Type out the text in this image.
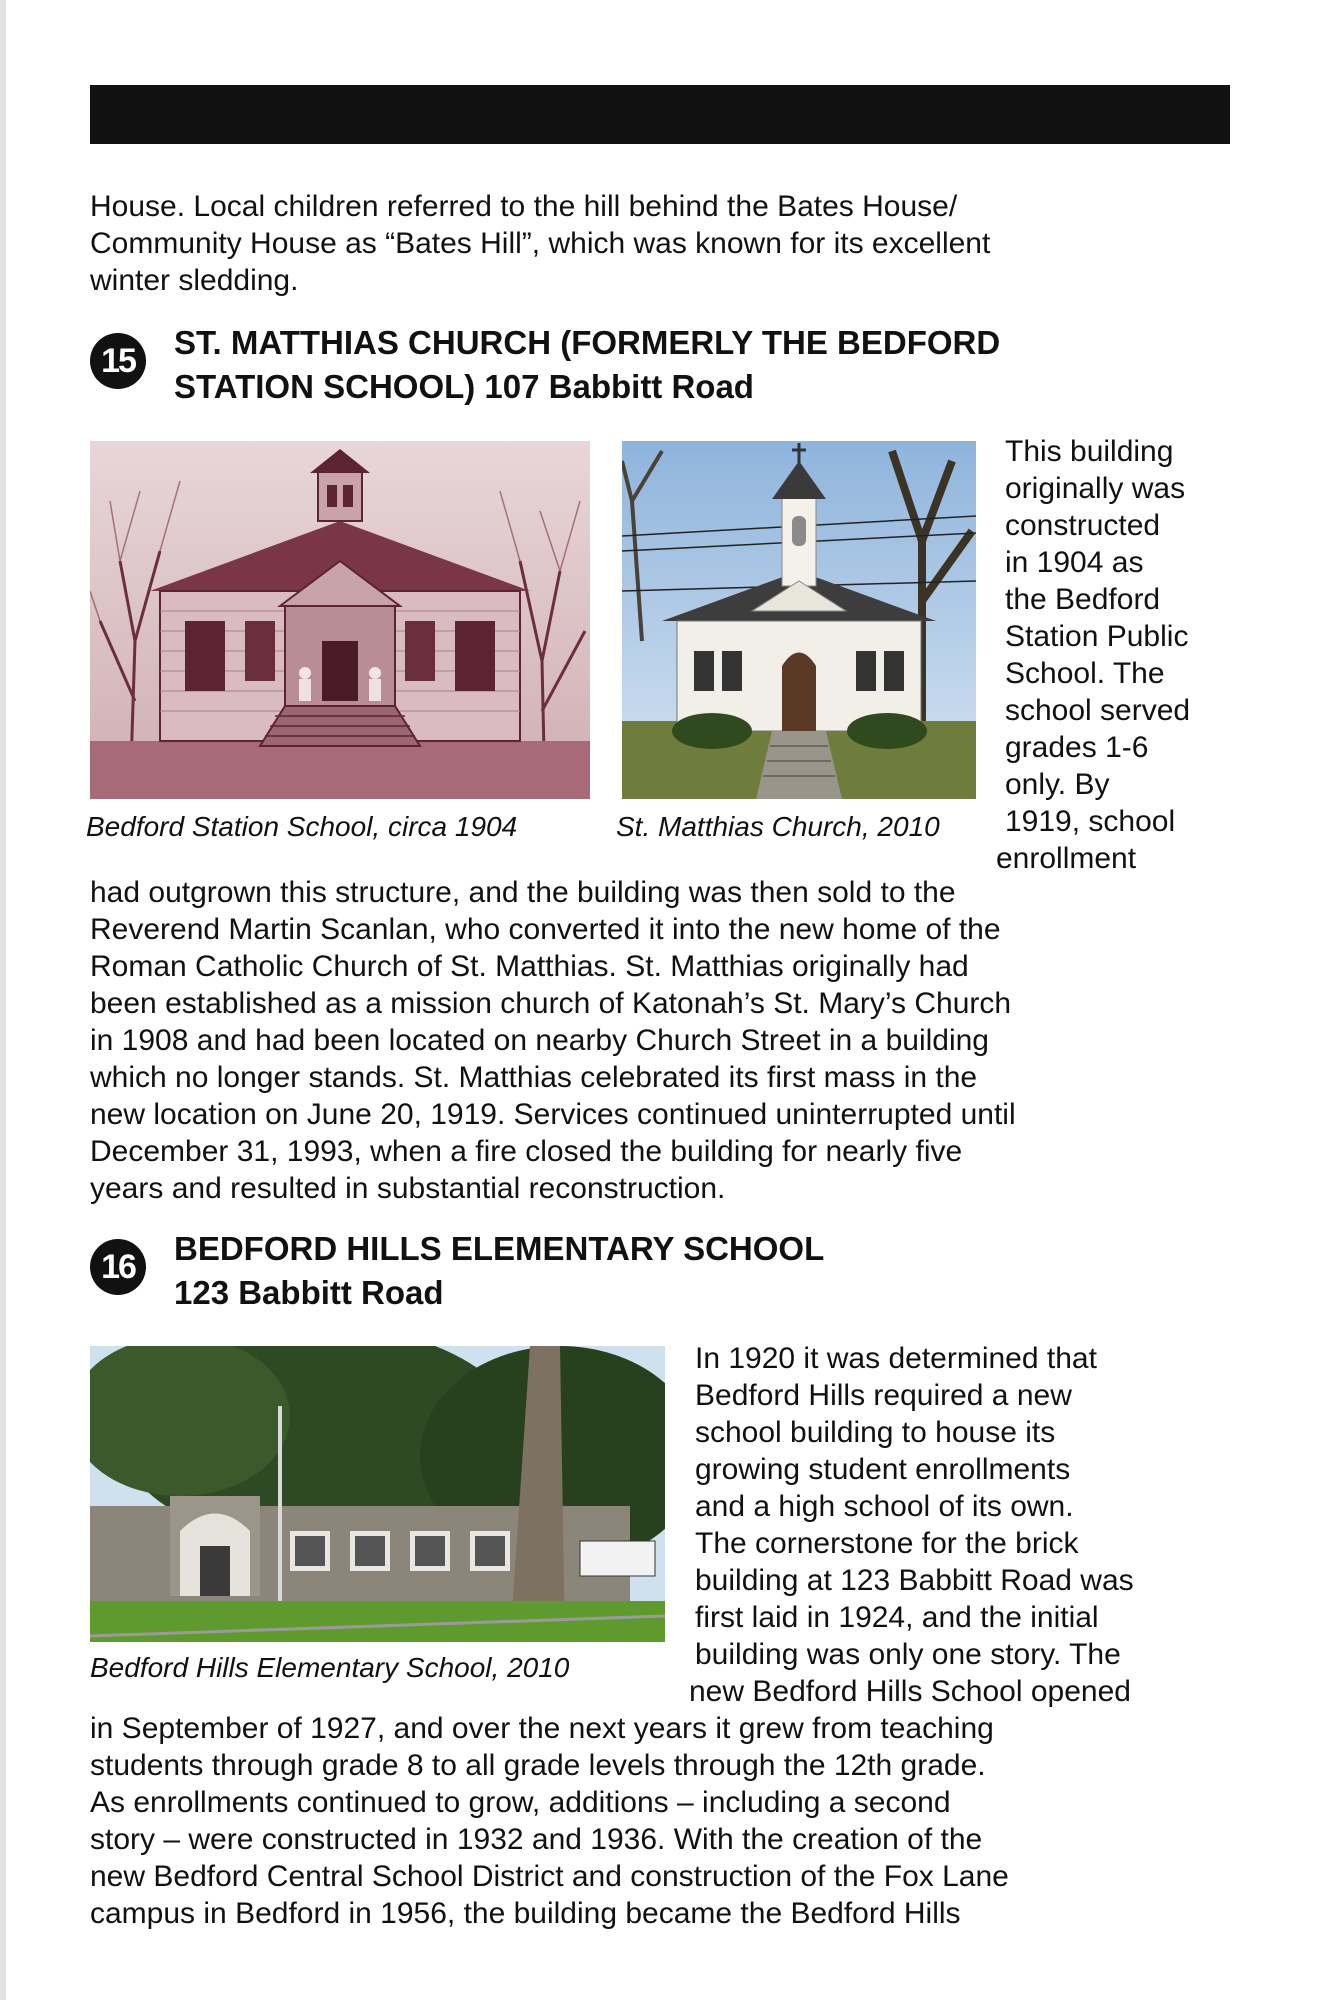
House. Local children referred to the hill behind the Bates House/
Community House as “Bates Hill”, which was known for its excellent
winter sledding.
15	ST. MATTHIAS CHURCH (FORMERLY THE BEDFORD
STATION SCHOOL) 107 Babbitt Road
Bedford Station School, circa 1904	St. Matthias Church, 2010
This building
originally was
constructed
in 1904 as
the Bedford
Station Public
School. The
school served
grades 1-6
only. By
1919, school
enrollment
had outgrown this structure, and the building was then sold to the
Reverend Martin Scanlan, who converted it into the new home of the
Roman Catholic Church of St. Matthias. St. Matthias originally had
been established as a mission church of Katonah’s St. Mary’s Church
in 1908 and had been located on nearby Church Street in a building
which no longer stands. St. Matthias celebrated its first mass in the
new location on June 20, 1919. Services continued uninterrupted until
December 31, 1993, when a fire closed the building for nearly five
years and resulted in substantial reconstruction.
16	BEDFORD HILLS ELEMENTARY SCHOOL
123 Babbitt Road
Bedford Hills Elementary School, 2010
In 1920 it was determined that
Bedford Hills required a new
school building to house its
growing student enrollments
and a high school of its own.
The cornerstone for the brick
building at 123 Babbitt Road was
first laid in 1924, and the initial
building was only one story. The
new Bedford Hills School opened
in September of 1927, and over the next years it grew from teaching
students through grade 8 to all grade levels through the 12th grade.
As enrollments continued to grow, additions – including a second
story – were constructed in 1932 and 1936. With the creation of the
new Bedford Central School District and construction of the Fox Lane
campus in Bedford in 1956, the building became the Bedford Hills
